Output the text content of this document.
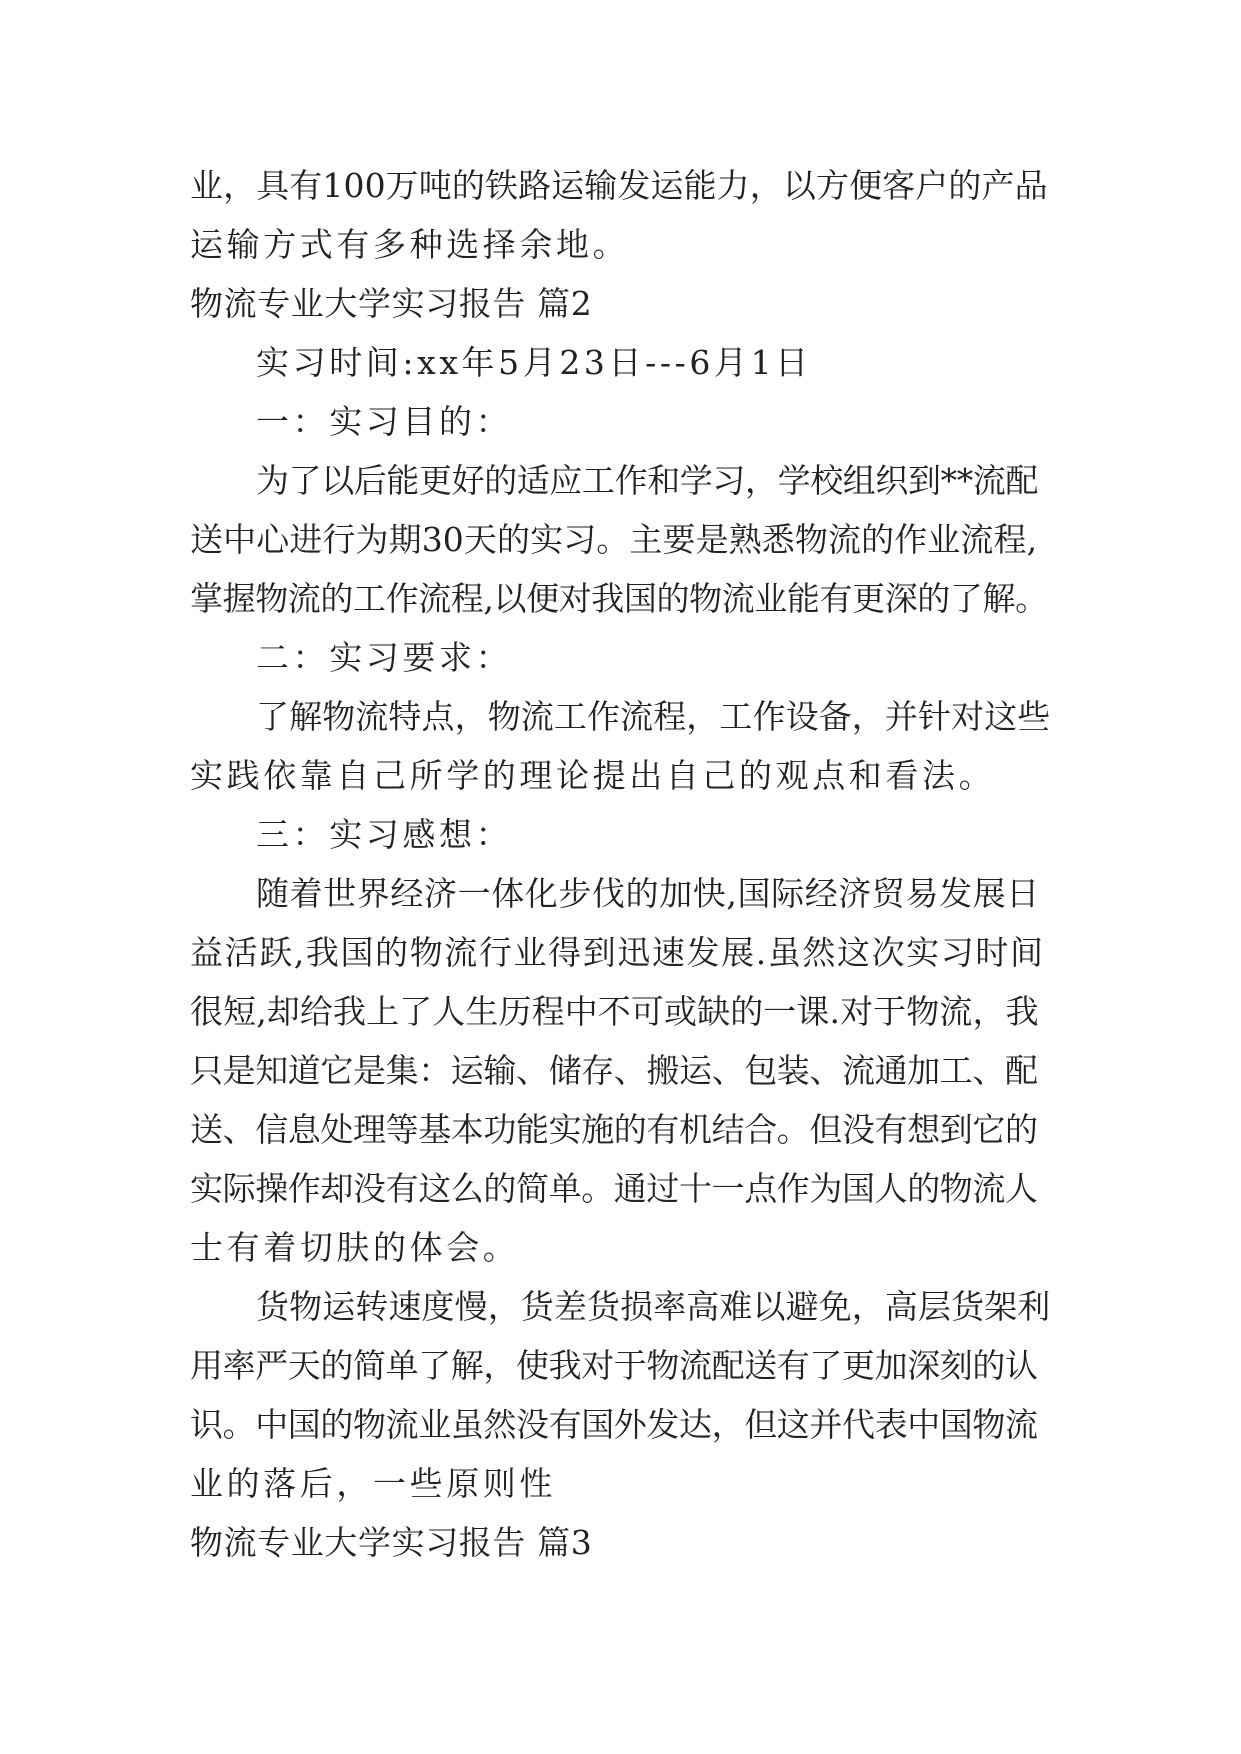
业，具有100万吨的铁路运输发运能力，以方便客户的产品
运输方式有多种选择余地。
物流专业大学实习报告 篇2
实习时间:xx年5月23日---6月1日
一：实习目的：
为了以后能更好的适应工作和学习，学校组织到**流配
送中心进行为期30天的实习。主要是熟悉物流的作业流程,
掌握物流的工作流程,以便对我国的物流业能有更深的了解。
二：实习要求：
了解物流特点，物流工作流程，工作设备，并针对这些
实践依靠自己所学的理论提出自己的观点和看法。
三：实习感想：
随着世界经济一体化步伐的加快,国际经济贸易发展日
益活跃,我国的物流行业得到迅速发展.虽然这次实习时间
很短,却给我上了人生历程中不可或缺的一课.对于物流，我
只是知道它是集：运输、储存、搬运、包装、流通加工、配
送、信息处理等基本功能实施的有机结合。但没有想到它的
实际操作却没有这么的简单。通过十一点作为国人的物流人
士有着切肤的体会。
货物运转速度慢，货差货损率高难以避免，高层货架利
用率严天的简单了解，使我对于物流配送有了更加深刻的认
识。中国的物流业虽然没有国外发达，但这并代表中国物流
业的落后，一些原则性
物流专业大学实习报告 篇3
